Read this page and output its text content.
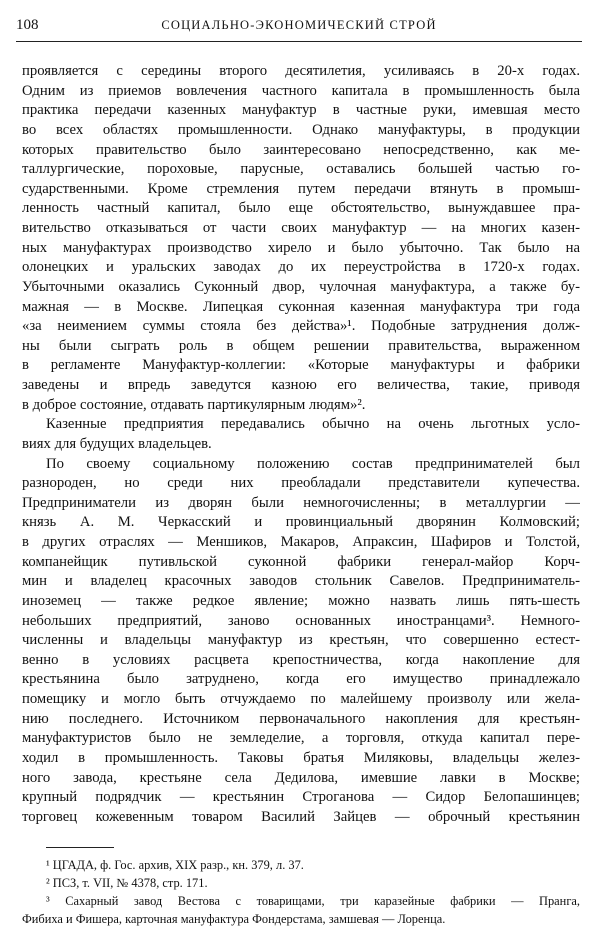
108	СОЦИАЛЬНО-ЭКОНОМИЧЕСКИЙ СТРОЙ
проявляется с середины второго десятилетия, усиливаясь в 20-х годах.
Одним из приемов вовлечения частного капитала в промышленность была
практика передачи казенных мануфактур в частные руки, имевшая место
во всех областях промышленности. Однако мануфактуры, в продукции
которых правительство было заинтересовано непосредственно, как ме-
таллургические, пороховые, парусные, оставались большей частью го-
сударственными. Кроме стремления путем передачи втянуть в промыш-
ленность частный капитал, было еще обстоятельство, вынуждавшее пра-
вительство отказываться от части своих мануфактур — на многих казен-
ных мануфактурах производство хирело и было убыточно. Так было на
олонецких и уральских заводах до их переустройства в 1720-х годах.
Убыточными оказались Суконный двор, чулочная мануфактура, а также бу-
мажная — в Москве. Липецкая суконная казенная мануфактура три года
«за неимением суммы стояла без действа»¹. Подобные затруднения долж-
ны были сыграть роль в общем решении правительства, выраженном
в регламенте Мануфактур-коллегии: «Которые мануфактуры и фабрики
заведены и впредь заведутся казною его величества, такие, приводя
в доброе состояние, отдавать партикулярным людям»².
Казенные предприятия передавались обычно на очень льготных усло-
виях для будущих владельцев.
По своему социальному положению состав предпринимателей был
разнороден, но среди них преобладали представители купечества.
Предприниматели из дворян были немногочисленны; в металлургии —
князь А. М. Черкасский и провинциальный дворянин Колмовский;
в других отраслях — Меншиков, Макаров, Апраксин, Шафиров и Толстой,
компанейщик путивльской суконной фабрики генерал-майор Корч-
мин и владелец красочных заводов стольник Савелов. Предприниматель-
иноземец — также редкое явление; можно назвать лишь пять-шесть
небольших предприятий, заново основанных иностранцами³. Немного-
численны и владельцы мануфактур из крестьян, что совершенно естест-
венно в условиях расцвета крепостничества, когда накопление для
крестьянина было затруднено, когда его имущество принадлежало
помещику и могло быть отчуждаемо по малейшему произволу или жела-
нию последнего. Источником первоначального накопления для крестьян-
мануфактуристов было не земледелие, а торговля, откуда капитал пере-
ходил в промышленность. Таковы братья Миляковы, владельцы желез-
ного завода, крестьяне села Дедилова, имевшие лавки в Москве;
крупный подрядчик — крестьянин Строганова — Сидор Белопашинцев;
торговец кожевенным товаром Василий Зайцев — оброчный крестьянин
¹ ЦГАДА, ф. Гос. архив, XIX разр., кн. 379, л. 37.
² ПСЗ, т. VII, № 4378, стр. 171.
³ Сахарный завод Вестова с товарищами, три каразейные фабрики — Пранга,
Фибиха и Фишера, карточная мануфактура Фондерстама, замшевая — Лоренца.
